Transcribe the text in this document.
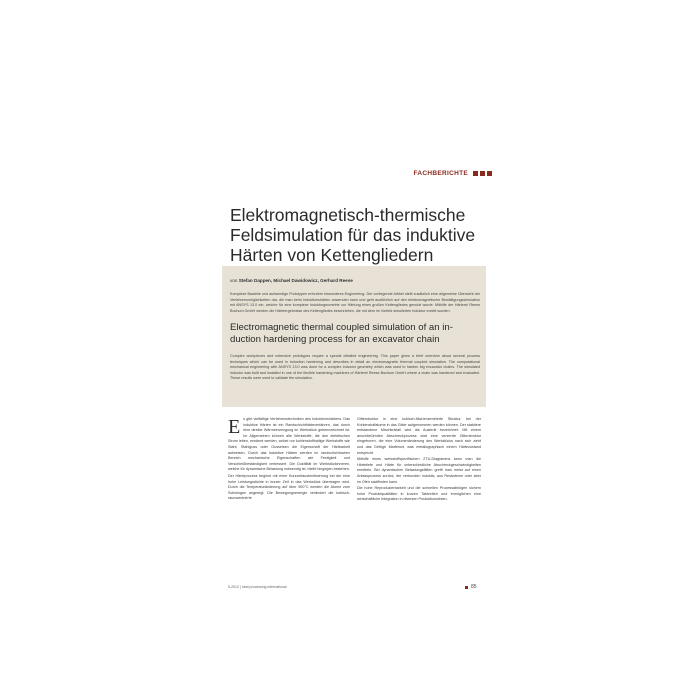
FACHBERICHTE
Elektromagnetisch-thermische
Feldsimulation für das induktive
Härten von Kettengliedern
von Stefan Dappen, Michael Dawidowicz, Gerhard Reese
Komplexe Bauteile und aufwendige Prototypen erfordern besonderes Engineering. Der vorliegende Artikel stellt zusätzlich eine allgemeine Übersicht der Verfahrensmöglichkeiten dar, die man beim Induktionshärten anwenden kann und geht ausführlich auf den elektromagnetische Bewältigungssimulation mit ANSYS 13.0 ein, welche für eine komplexe Induktorgeometrie zur Härtung eines großen Kettengliedes genutzt wurde. Mithilfe der Härterei Reese Bochum GmbH werden die Härteergebnisse des Kettengliedes beschrieben, die mit dem im Vorfeld simulierten Induktor erzielt wurden.
Electromagnetic thermal coupled simulation of an in-
duction hardening process for an excavator chain
Complex workpieces and extensive prototypes require a special detailed engineering. This paper gives a brief overview about several process techniques which can be used in induction hardening and describes in detail an electromagnetic thermal coupled simulation. The computational mechanical engineering with ANSYS 13.0 was done for a complex inductor geometry which was used to harden big excavator chains. The simulated inductor was built and installed in one of the flexible hardening machines of Härterei Reese Bochum GmbH where a chain was hardened and evaluated. These results were used to validate the simulation.

Es gibt vielfältige Verfahrenstechniken des Induktionshärtens. Das induktive Härten ist ein Randschichthärteverfahren, das durch eine direkte Wärmeerzeugung im Werkstück gekennzeichnet ist. Im Allgemeinen können alle Werkstoffe, die den elektrischen Strom leiten, erwärmt werden, wobei nur kohlenstoffhaltige Werkstoffe wie Stahl, Stahlguss oder Gusseisen die Eigenschaft der Härtbarkeit aufweisen. Durch das induktive Härten werden im randschichtnahen Bereich mechanische Eigenschaften wie Festigkeit und Verschleißbeständigkeit verbessert. Die Duktilität im Werkstückinneren, welche für dynamische Belastung notwendig ist, bleibt hingegen bestehen.

Der Härteprozess beginnt mit einer Kurzzeitaustenitisierung bei der eine hohe Leistungsdichte in kurzer Zeit in das Werkstück übertragen wird. Durch die Temperaturänderung auf über 900°C werden die Atome zum Schwingen angeregt. Die Bewegungsenergie verändert die kubisch-raumzentrierte

Gitterstruktur in eine kubisch-flächenzentrierte Struktur, bei der Kohlenstoffatome in das Gitter aufgenommen werden können. Der stabilere entstandene Mischkristall wird als Austenit bezeichnet. Mit einem anschließenden Abschreckprozess wird eine verzerrte Gitterstruktur eingefroren, die eine Volumenänderung des Werkstücks nach sich zieht und das Gefüge Martensit, was metallographisch einem Härtezustand entspricht.

Mithilfe eines werkstoffspezifischen ZTU-Diagramms kann man die Härtetiefe und Härte für unterschiedliche Abschreckgeschwindigkeiten ermitteln. Bei dynamischen Belastungsfällen greift man meist auf einen Anlassprozess zurück, der verbunden induktiv, aus Restwärme oder aber im Ofen stattfinden kann.

Die hohe Reproduzierbarkeit und die schnellen Prozessabfolgen sichern hohe Produktqualitäten in kurzen Taktzeiten und ermöglichen eine wirtschaftliche Integration in diversen Produktionslinien.

5-2012 | heat processing international	85
